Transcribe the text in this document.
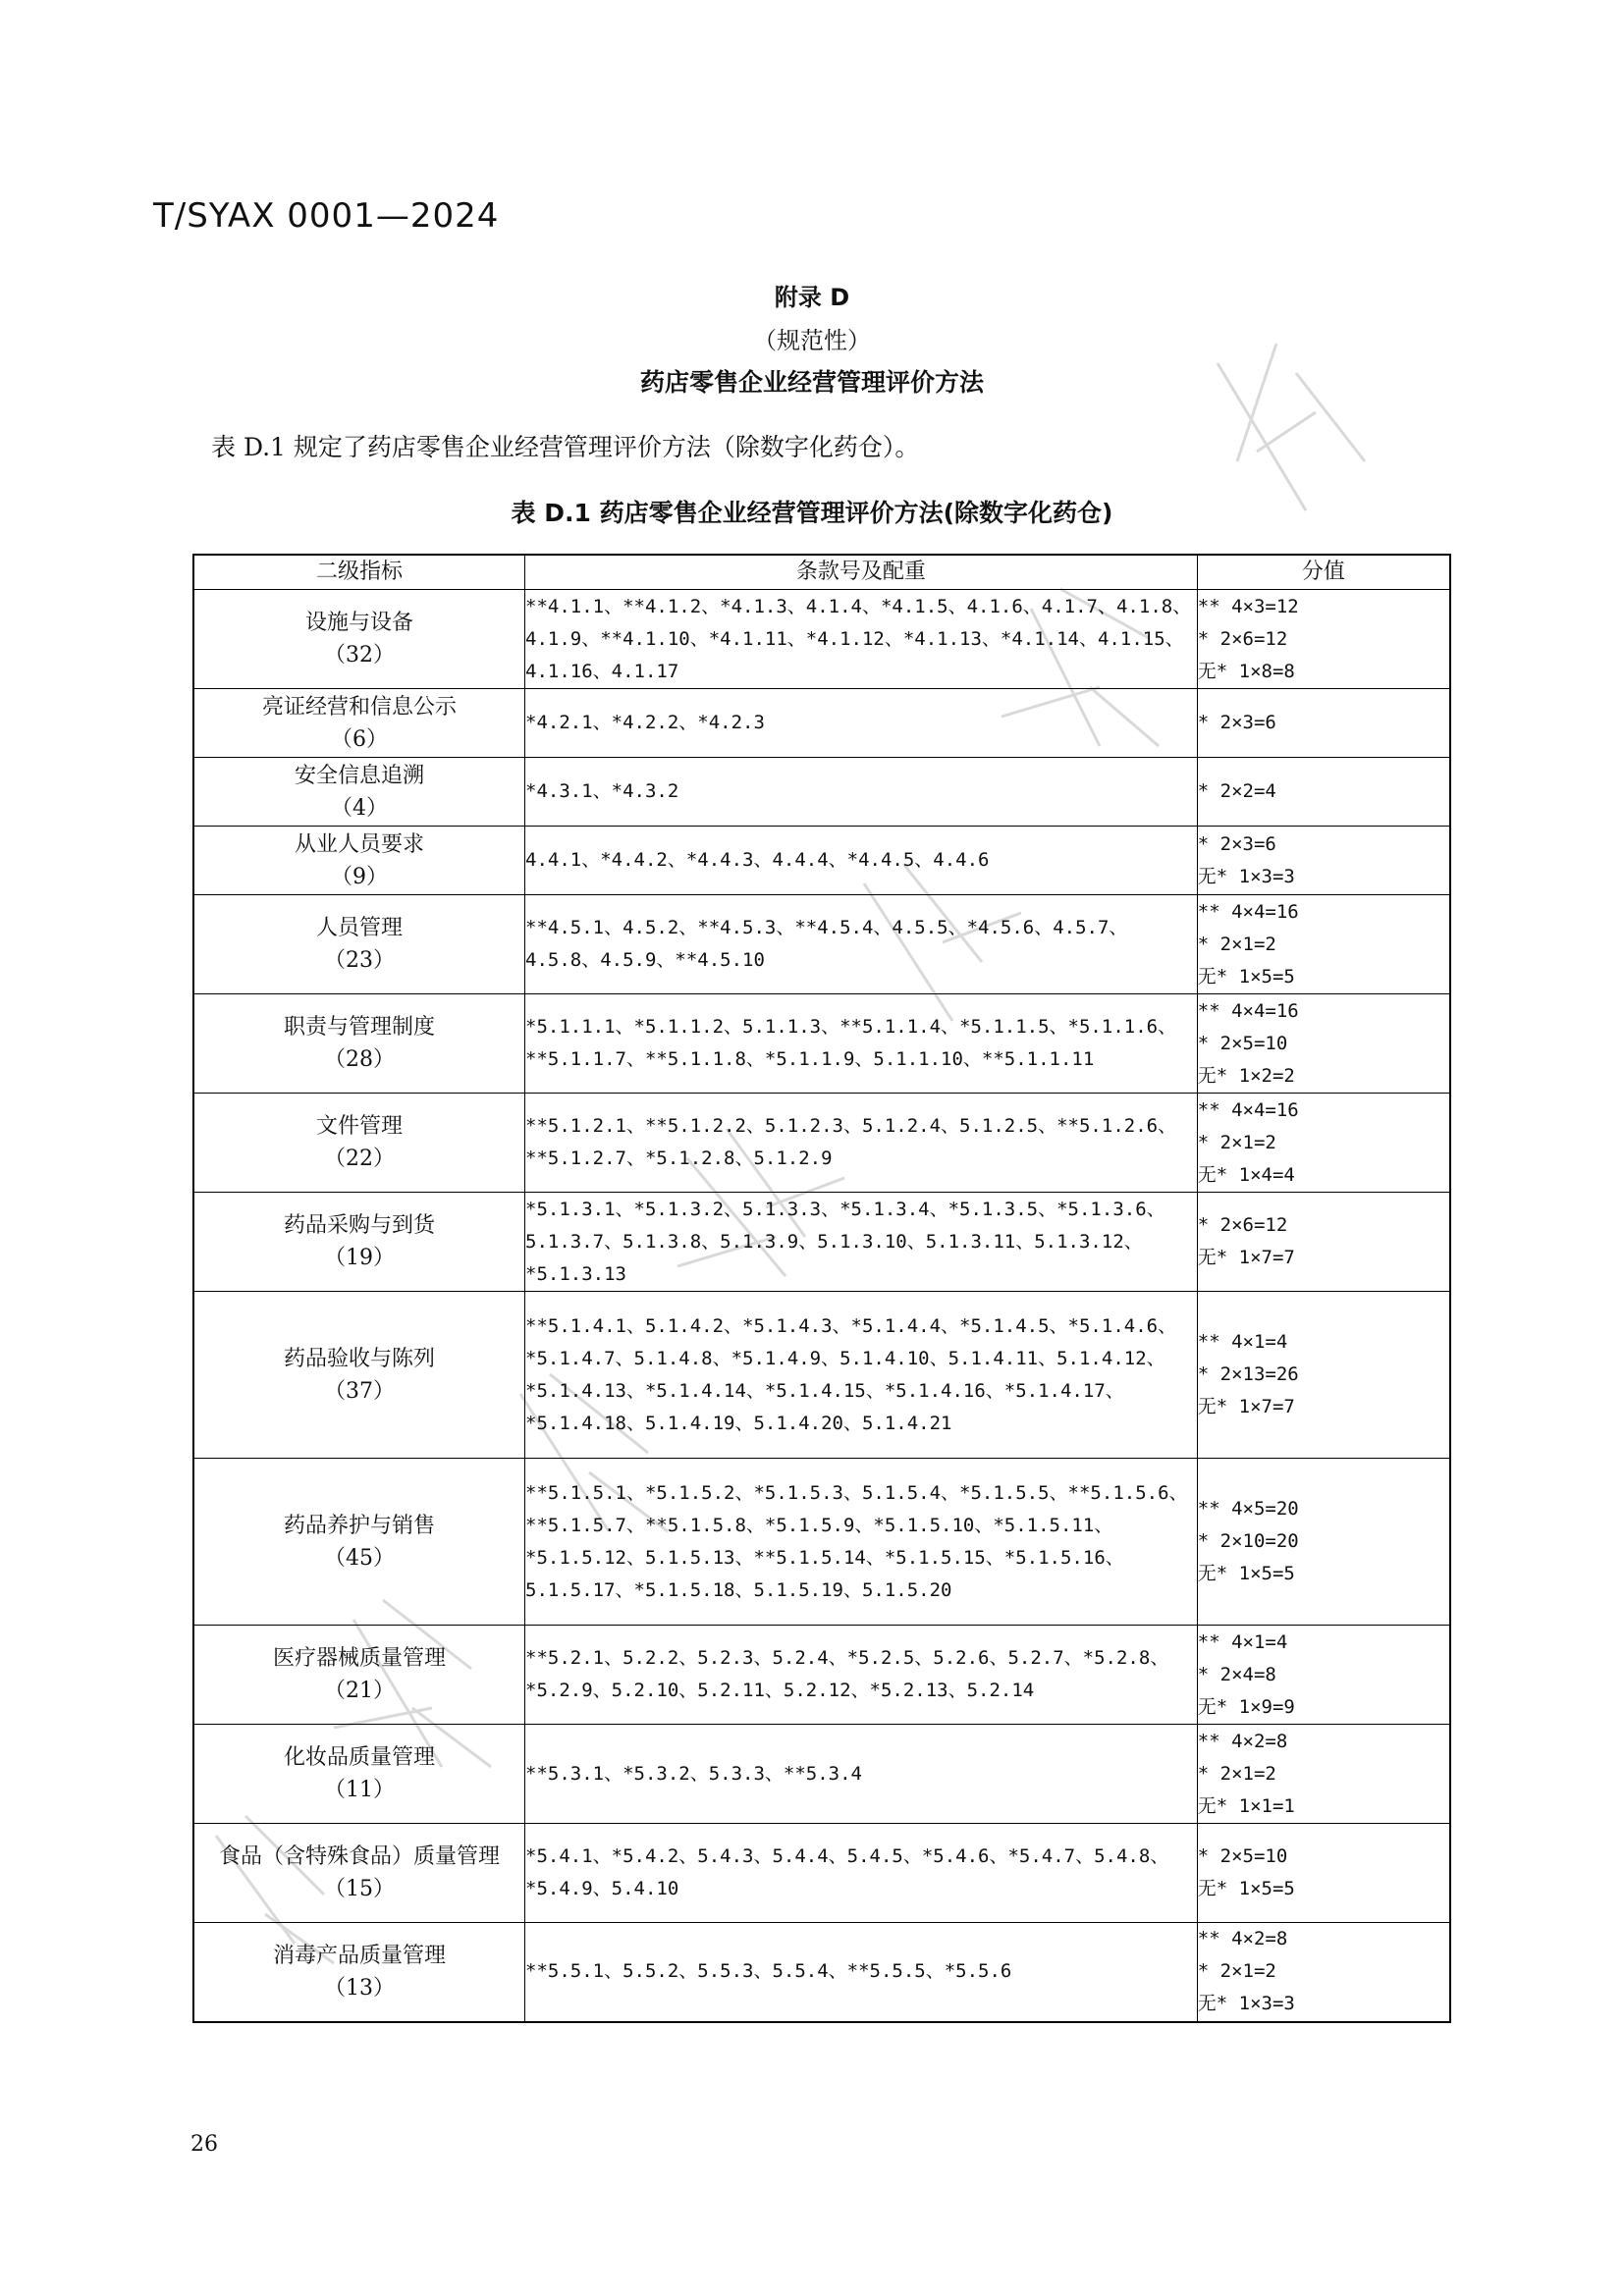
T/SYAX 0001—2024
附录 D
（规范性）
药店零售企业经营管理评价方法
表 D.1 规定了药店零售企业经营管理评价方法（除数字化药仓）。
表 D.1 药店零售企业经营管理评价方法(除数字化药仓)
二级指标	条款号及配重	分值

设施与设备
（32）	**4.1.1、**4.1.2、*4.1.3、4.1.4、*4.1.5、4.1.6、4.1.7、4.1.8、4.1.9、**4.1.10、*4.1.11、*4.1.12、*4.1.13、*4.1.14、4.1.15、4.1.16、4.1.17	** 4×3=12
* 2×6=12
无* 1×8=8

亮证经营和信息公示
（6）	*4.2.1、*4.2.2、*4.2.3	* 2×3=6

安全信息追溯
（4）	*4.3.1、*4.3.2	* 2×2=4

从业人员要求
（9）	4.4.1、*4.4.2、*4.4.3、4.4.4、*4.4.5、4.4.6	* 2×3=6
无* 1×3=3

人员管理
（23）	**4.5.1、4.5.2、**4.5.3、**4.5.4、4.5.5、*4.5.6、4.5.7、4.5.8、4.5.9、**4.5.10	** 4×4=16
* 2×1=2
无* 1×5=5

职责与管理制度
（28）	*5.1.1.1、*5.1.1.2、5.1.1.3、**5.1.1.4、*5.1.1.5、*5.1.1.6、**5.1.1.7、**5.1.1.8、*5.1.1.9、5.1.1.10、**5.1.1.11	** 4×4=16
* 2×5=10
无* 1×2=2

文件管理
（22）	**5.1.2.1、**5.1.2.2、5.1.2.3、5.1.2.4、5.1.2.5、**5.1.2.6、**5.1.2.7、*5.1.2.8、5.1.2.9	** 4×4=16
* 2×1=2
无* 1×4=4

药品采购与到货
（19）	*5.1.3.1、*5.1.3.2、5.1.3.3、*5.1.3.4、*5.1.3.5、*5.1.3.6、5.1.3.7、5.1.3.8、5.1.3.9、5.1.3.10、5.1.3.11、5.1.3.12、*5.1.3.13	* 2×6=12
无* 1×7=7

药品验收与陈列
（37）	**5.1.4.1、5.1.4.2、*5.1.4.3、*5.1.4.4、*5.1.4.5、*5.1.4.6、*5.1.4.7、5.1.4.8、*5.1.4.9、5.1.4.10、5.1.4.11、5.1.4.12、*5.1.4.13、*5.1.4.14、*5.1.4.15、*5.1.4.16、*5.1.4.17、*5.1.4.18、5.1.4.19、5.1.4.20、5.1.4.21	** 4×1=4
* 2×13=26
无* 1×7=7

药品养护与销售
（45）	**5.1.5.1、*5.1.5.2、*5.1.5.3、5.1.5.4、*5.1.5.5、**5.1.5.6、**5.1.5.7、**5.1.5.8、*5.1.5.9、*5.1.5.10、*5.1.5.11、*5.1.5.12、5.1.5.13、**5.1.5.14、*5.1.5.15、*5.1.5.16、5.1.5.17、*5.1.5.18、5.1.5.19、5.1.5.20	** 4×5=20
* 2×10=20
无* 1×5=5

医疗器械质量管理
（21）	**5.2.1、5.2.2、5.2.3、5.2.4、*5.2.5、5.2.6、5.2.7、*5.2.8、*5.2.9、5.2.10、5.2.11、5.2.12、*5.2.13、5.2.14	** 4×1=4
* 2×4=8
无* 1×9=9

化妆品质量管理
（11）	**5.3.1、*5.3.2、5.3.3、**5.3.4	** 4×2=8
* 2×1=2
无* 1×1=1

食品（含特殊食品）质量管理
（15）	*5.4.1、*5.4.2、5.4.3、5.4.4、5.4.5、*5.4.6、*5.4.7、5.4.8、*5.4.9、5.4.10	* 2×5=10
无* 1×5=5

消毒产品质量管理
（13）	**5.5.1、5.5.2、5.5.3、5.5.4、**5.5.5、*5.5.6	** 4×2=8
* 2×1=2
无* 1×3=3
26
